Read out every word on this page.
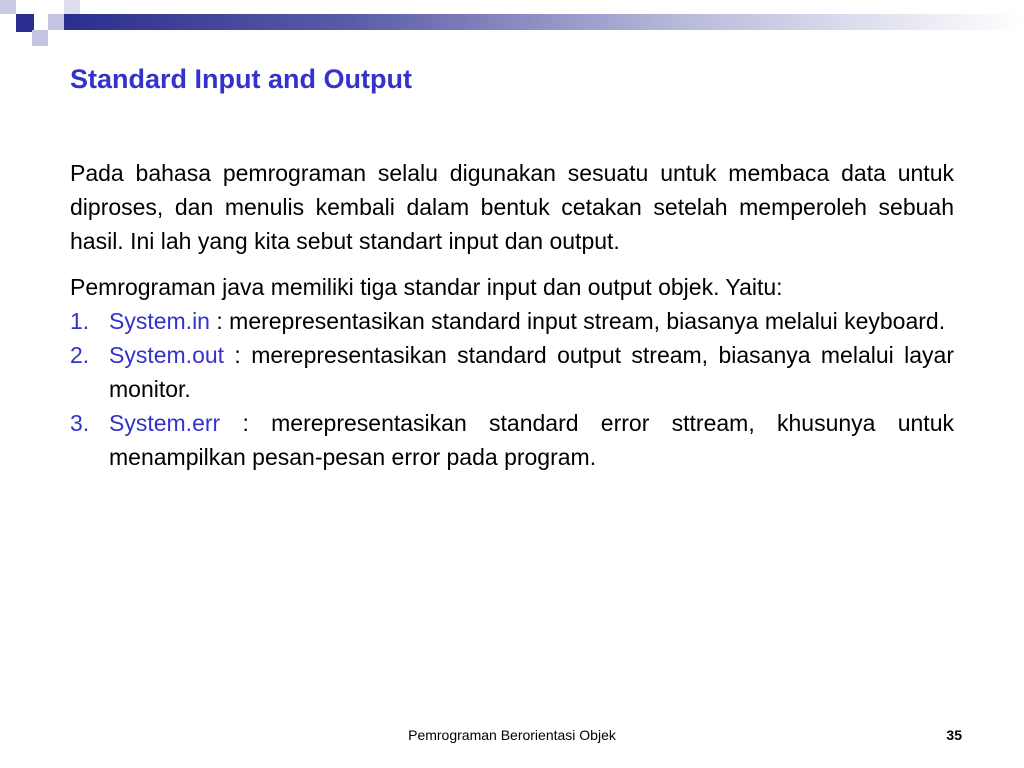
Standard Input and Output

Pada bahasa pemrograman selalu digunakan sesuatu untuk membaca data untuk diproses, dan menulis kembali dalam bentuk cetakan setelah memperoleh sebuah hasil. Ini lah yang kita sebut standart input dan output.

Pemrograman java memiliki tiga standar input dan output objek. Yaitu:

1. System.in : merepresentasikan standard input stream, biasanya melalui keyboard.
2. System.out : merepresentasikan standard output stream, biasanya melalui layar monitor.
3. System.err : merepresentasikan standard error sttream, khusunya untuk menampilkan pesan-pesan error pada program.
Pemrograman Berorientasi Objek	35
